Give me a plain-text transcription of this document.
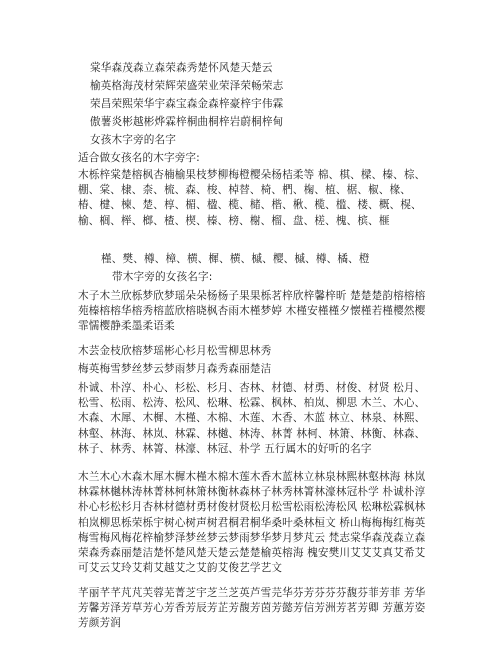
棠华森茂森立森荣森秀楚怀风楚天楚云
榆英格海茂材荣辉荣盛荣业荣泽荣畅荣志
荣昌荣熙荣华宇森宝森金森梓豪梓宇伟霖
傲薯炎彬越彬烨霖梓桐曲桐梓岩蔚桐梓甸
女孩木字旁的名字
适合做女孩名的木字旁字:
木栎梓棠楚榕枫杏楠榆果枝梦柳梅橙樱朵杨桔柔等 棉、棋、樑、榛、棕、棚、棠、棣、柰、梳、森、梭、棹替、椅、椚、椈、植、椐、椒、椽、椿、楗、楝、楚、椁、楣、楹、榄、槠、楷、楸、榄、槛、楼、概、榥、榆、榈、榉、榔、楂、楔、榛、榜、榭、榴、盘、槎、槐、槟、榧
槿、樊、樽、樟、横、樨、横、槭、樱、槭、樽、橘、橙
带木字旁的女孩名字:
木子木兰欣栎梦欣梦瑶朵朵杨杨子果果栎茗梓欣梓馨梓昕 楚楚楚韵榕榕榕苑榛榕榕华榕秀榕蓝欣榕晓枫杏雨木槿梦婷 木槿安槿槿夕懐槿若槿樱然樱霏懦樱静柔墨柔语柔
木芸金枝欣榕梦瑶彬心杉月松雪柳思林秀
梅英梅雪梦丝梦云梦雨梦月森秀森丽楚洁
朴诚、朴淳、朴心、杉松、杉月、杏林、材德、材勇、材俊、材贤 松月、松雪、松雨、松涛、松风、松琳、松霖、枫林、柏岚、柳思 木兰、木心、木森、木犀、木樨、木槿、木棉、木莲、木香、木蓝 林立、林泉、林熙、林壑、林海、林岚、林霖、林樾、林涛、林菁 林柯、林箫、林衡、林森、林子、林秀、林箐、林濠、林冠、朴学 五行属木的好听的名字
木兰木心木森木犀木樨木槿木棉木莲木香木蓝林立林泉林熙林壑林海 林岚林霖林樾林涛林菁林柯林箫林衡林森林子林秀林箐林濠林冠朴学 朴诚朴淳朴心杉松杉月杏林材德材勇材俊材贤松月松雪松雨松涛松风 松琳松霖枫林柏岚柳思栎荣栎宇树心树声树君桐君桐华桑叶桑林桓文 桥山梅梅梅红梅英梅雪梅风梅花梓榆梦泽梦丝梦云梦雨梦华梦月梦芃云 梵志棠华森茂森立森荣森秀森丽楚洁楚怀楚风楚天楚云楚楚榆英榕海 槐安樊川艾艾艾真艾希艾可艾云艾玲艾莉艾越艾之艾韵艾俊艺学艺文
芊丽芊芊芃芃芙蓉芜菁芝宇芝兰芝英芦雪芫华芬芳芬芬芬馥芬菲芳菲 芳华芳馨芳泽芳草芳心芳香芳辰芳芷芳馥芳茵芳懿芳信芳洲芳茗芳卿 芳蕙芳姿芳颜芳润
